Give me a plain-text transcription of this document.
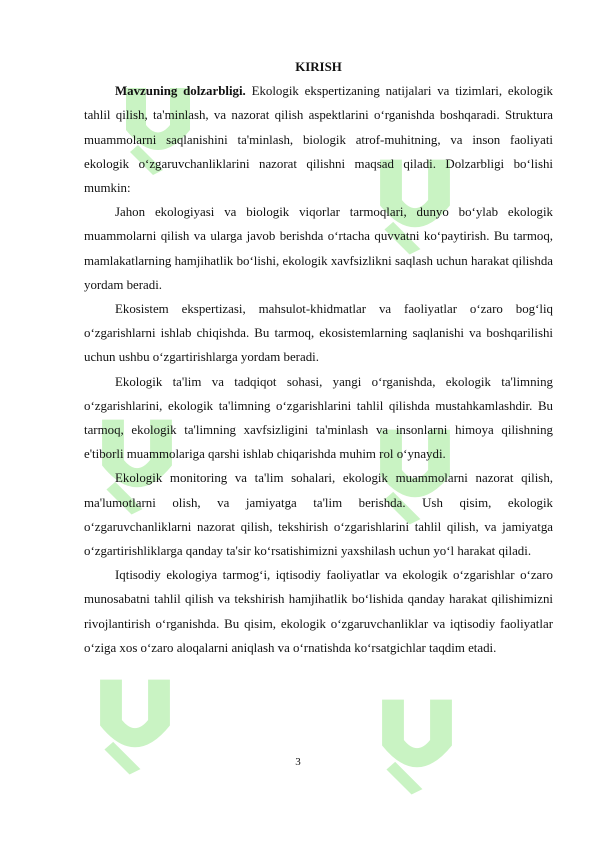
KIRISH

Mavzuning dolzarbligi. Ekologik ekspertizaning natijalari va tizimlari, ekologik tahlil qilish, ta'minlash, va nazorat qilish aspektlarini o‘rganishda boshqaradi. Struktura muammolarni saqlanishini ta'minlash, biologik atrof-muhitning, va inson faoliyati ekologik o‘zgaruvchanliklarini nazorat qilishni maqsad qiladi. Dolzarbligi bo‘lishi mumkin:

Jahon ekologiyasi va biologik viqorlar tarmoqlari, dunyo bo‘ylab ekologik muammolarni qilish va ularga javob berishda o‘rtacha quvvatni ko‘paytirish. Bu tarmoq, mamlakatlarning hamjihatlik bo‘lishi, ekologik xavfsizlikni saqlash uchun harakat qilishda yordam beradi.

Ekosistem ekspertizasi, mahsulot-khidmatlar va faoliyatlar o‘zaro bog‘liq o‘zgarishlarni ishlab chiqishda. Bu tarmoq, ekosistemlarning saqlanishi va boshqarilishi uchun ushbu o‘zgartirishlarga yordam beradi.

Ekologik ta'lim va tadqiqot sohasi, yangi o‘rganishda, ekologik ta'limning o‘zgarishlarini, ekologik ta'limning o‘zgarishlarini tahlil qilishda mustahkamlashdir. Bu tarmoq, ekologik ta'limning xavfsizligini ta'minlash va insonlarni himoya qilishning e'tiborli muammolariga qarshi ishlab chiqarishda muhim rol o‘ynaydi.

Ekologik monitoring va ta'lim sohalari, ekologik muammolarni nazorat qilish, ma'lumotlarni olish, va jamiyatga ta'lim berishda. Ush qisim, ekologik o‘zgaruvchanliklarni nazorat qilish, tekshirish o‘zgarishlarini tahlil qilish, va jamiyatga o‘zgartirishliklarga qanday ta'sir ko‘rsatishimizni yaxshilash uchun yo‘l harakat qiladi.

Iqtisodiy ekologiya tarmog‘i, iqtisodiy faoliyatlar va ekologik o‘zgarishlar o‘zaro munosabatni tahlil qilish va tekshirish hamjihatlik bo‘lishida qanday harakat qilishimizni rivojlantirish o‘rganishda. Bu qisim, ekologik o‘zgaruvchanliklar va iqtisodiy faoliyatlar o‘ziga xos o‘zaro aloqalarni aniqlash va o‘rnatishda ko‘rsatgichlar taqdim etadi.

3
